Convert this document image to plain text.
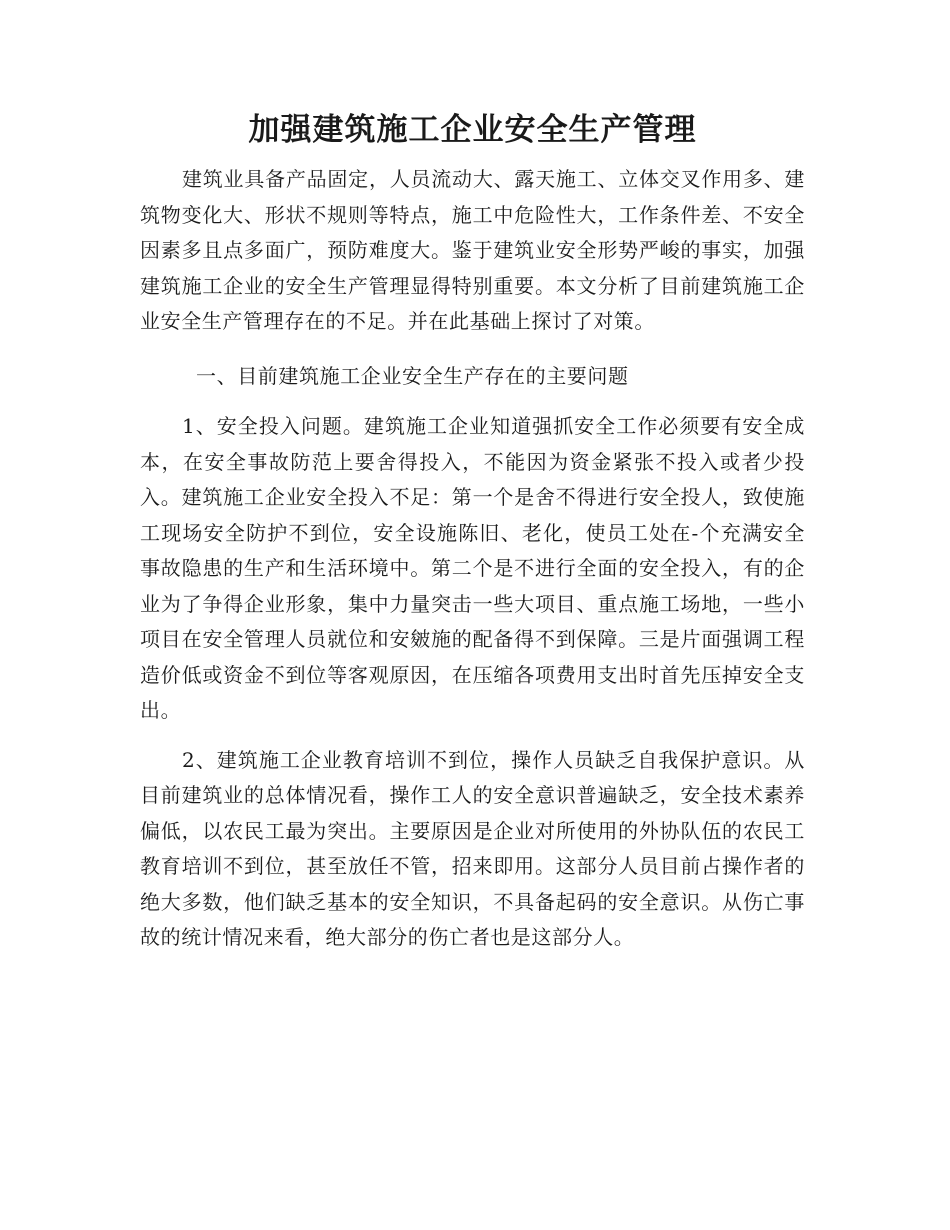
加强建筑施工企业安全生产管理

建筑业具备产品固定，人员流动大、露天施工、立体交叉作用多、建筑物变化大、形状不规则等特点，施工中危险性大，工作条件差、不安全因素多且点多面广，预防难度大。鉴于建筑业安全形势严峻的事实，加强建筑施工企业的安全生产管理显得特别重要。本文分析了目前建筑施工企业安全生产管理存在的不足。并在此基础上探讨了对策。

一、目前建筑施工企业安全生产存在的主要问题

1、安全投入问题。建筑施工企业知道强抓安全工作必须要有安全成本，在安全事故防范上要舍得投入，不能因为资金紧张不投入或者少投入。建筑施工企业安全投入不足：第一个是舍不得进行安全投人，致使施工现场安全防护不到位，安全设施陈旧、老化，使员工处在-个充满安全事故隐患的生产和生活环境中。第二个是不进行全面的安全投入，有的企业为了争得企业形象，集中力量突击一些大项目、重点施工场地，一些小项目在安全管理人员就位和安皴施的配备得不到保障。三是片面强调工程造价低或资金不到位等客观原因，在压缩各项费用支出时首先压掉安全支出。

2、建筑施工企业教育培训不到位，操作人员缺乏自我保护意识。从目前建筑业的总体情况看，操作工人的安全意识普遍缺乏，安全技术素养偏低，以农民工最为突出。主要原因是企业对所使用的外协队伍的农民工教育培训不到位，甚至放任不管，招来即用。这部分人员目前占操作者的绝大多数，他们缺乏基本的安全知识，不具备起码的安全意识。从伤亡事故的统计情况来看，绝大部分的伤亡者也是这部分人。
